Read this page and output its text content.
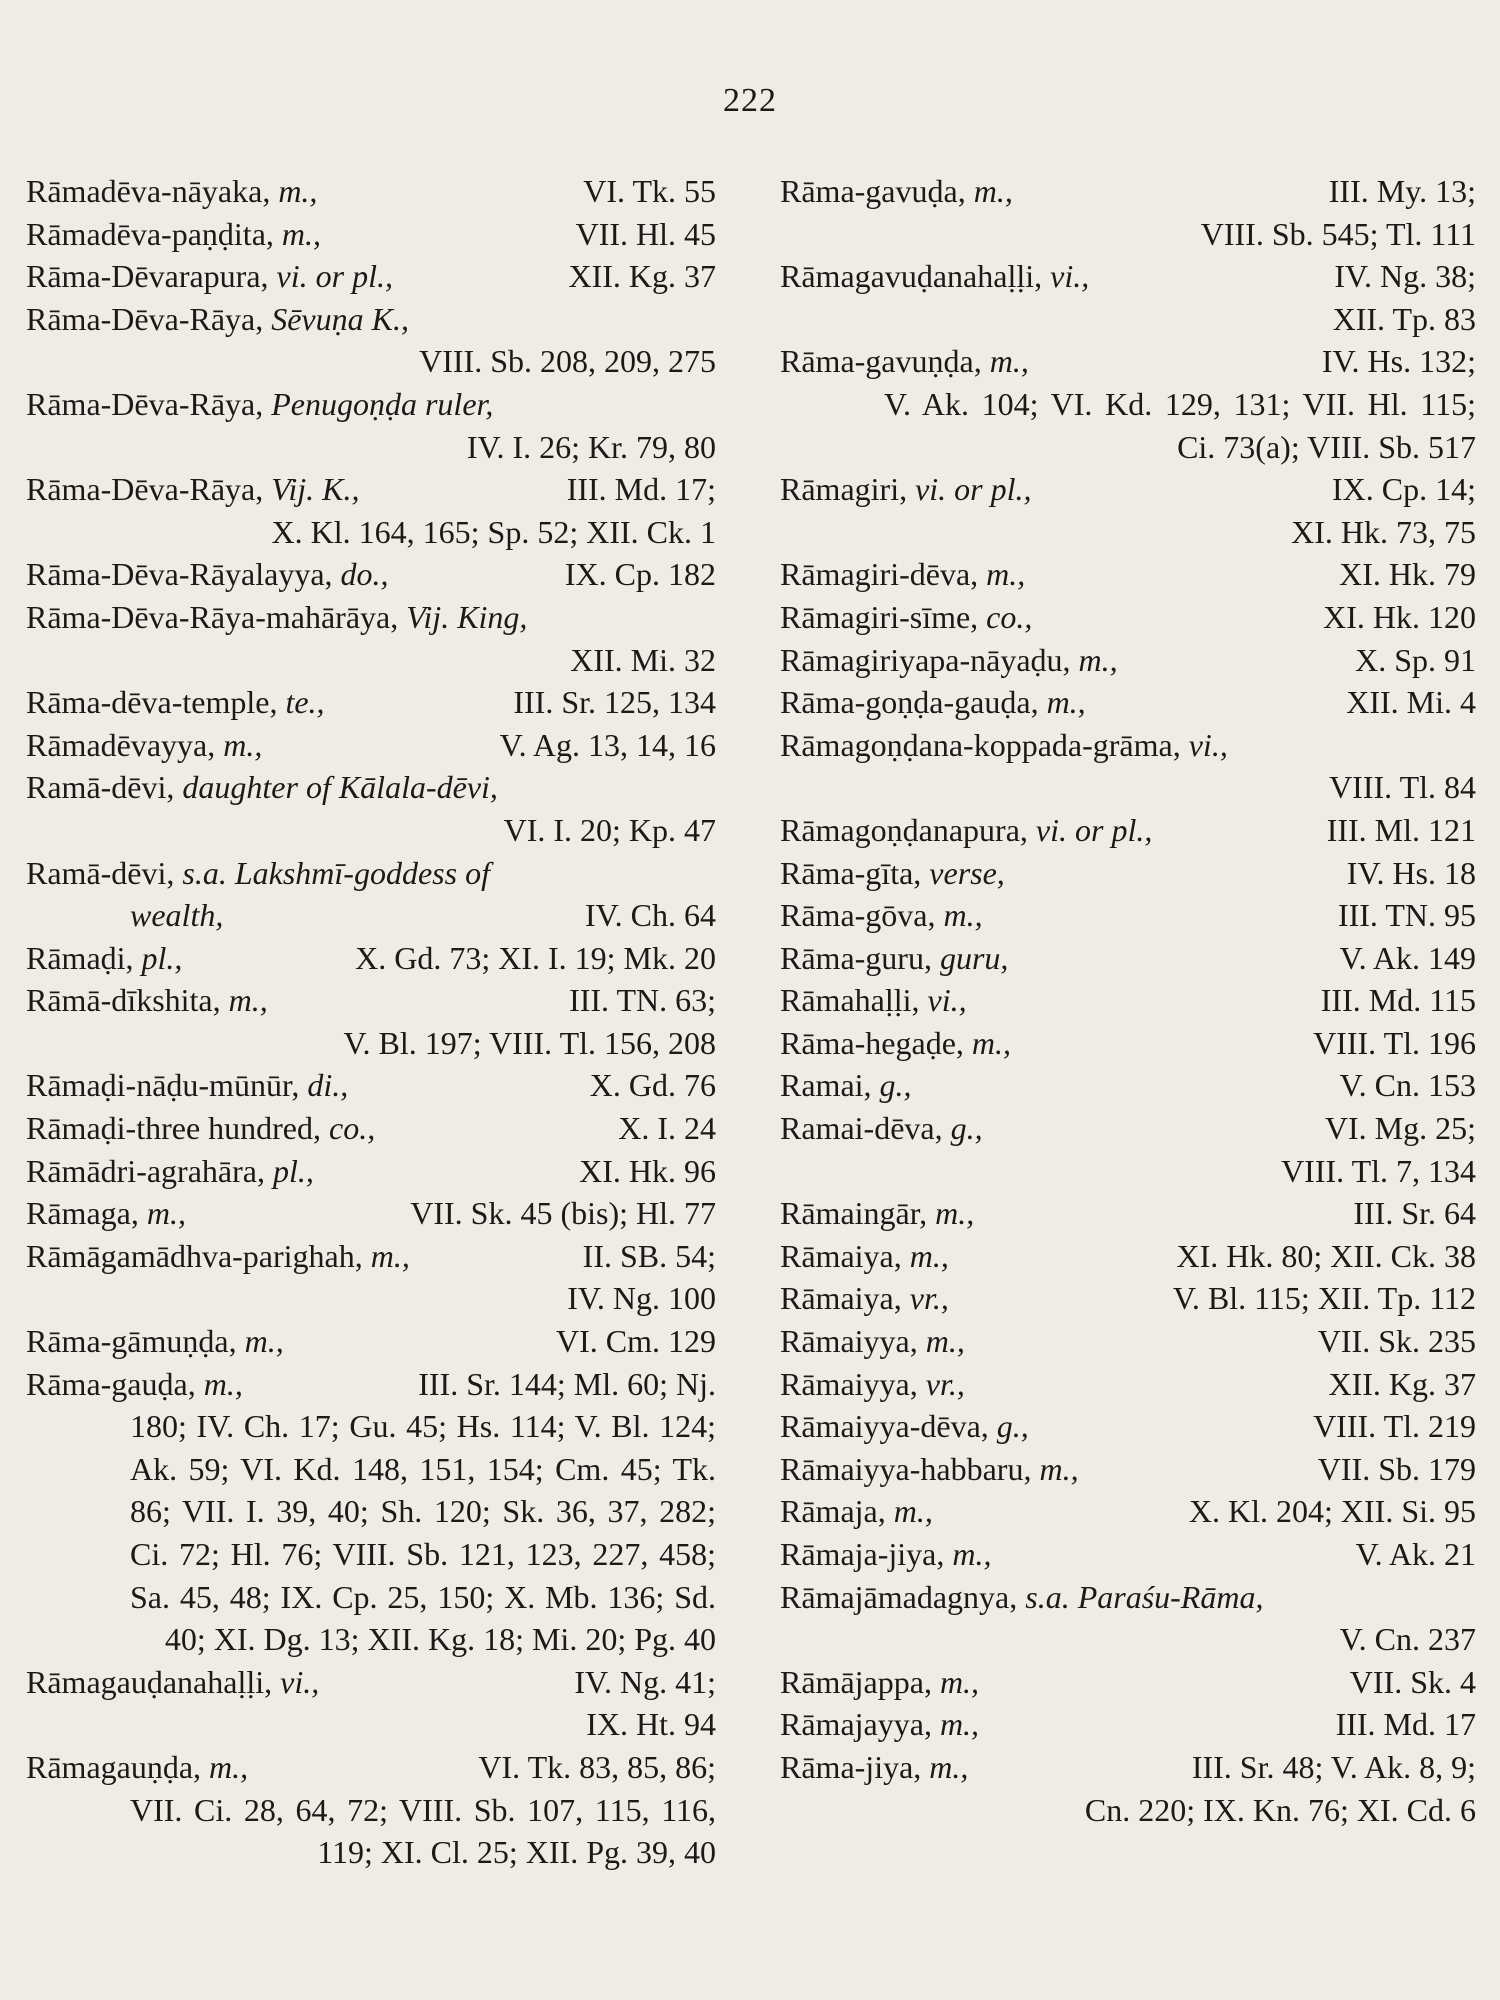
222
Rāmadēva-nāyaka, m.,	VI. Tk. 55
Rāmadēva-paṇḍita, m.,	VII. Hl. 45
Rāma-Dēvarapura, vi. or pl.,	XII. Kg. 37
Rāma-Dēva-Rāya, Sēvuṇa K.,
VIII. Sb. 208, 209, 275
Rāma-Dēva-Rāya, Penugoṇḍa ruler,
IV. I. 26; Kr. 79, 80
Rāma-Dēva-Rāya, Vij. K.,	III. Md. 17;
X. Kl. 164, 165; Sp. 52; XII. Ck. 1
Rāma-Dēva-Rāyalayya, do.,	IX. Cp. 182
Rāma-Dēva-Rāya-mahārāya, Vij. King,
XII. Mi. 32
Rāma-dēva-temple, te.,	III. Sr. 125, 134
Rāmadēvayya, m.,	V. Ag. 13, 14, 16
Ramā-dēvi, daughter of Kālala-dēvi,
VI. I. 20; Kp. 47
Ramā-dēvi, s.a. Lakshmī-goddess of
wealth,	IV. Ch. 64
Rāmaḍi, pl.,	X. Gd. 73; XI. I. 19; Mk. 20
Rāmā-dīkshita, m.,	III. TN. 63;
V. Bl. 197; VIII. Tl. 156, 208
Rāmaḍi-nāḍu-mūnūr, di.,	X. Gd. 76
Rāmaḍi-three hundred, co.,	X. I. 24
Rāmādri-agrahāra, pl.,	XI. Hk. 96
Rāmaga, m.,	VII. Sk. 45 (bis); Hl. 77
Rāmāgamādhva-parighah, m.,	II. SB. 54;
IV. Ng. 100
Rāma-gāmuṇḍa, m.,	VI. Cm. 129
Rāma-gauḍa, m.,	III. Sr. 144; Ml. 60; Nj.
180; IV. Ch. 17; Gu. 45; Hs. 114; V. Bl. 124; Ak. 59; VI. Kd. 148, 151, 154; Cm. 45; Tk. 86; VII. I. 39, 40; Sh. 120; Sk. 36, 37, 282; Ci. 72; Hl. 76; VIII. Sb. 121, 123, 227, 458; Sa. 45, 48; IX. Cp. 25, 150; X. Mb. 136; Sd. 40; XI. Dg. 13; XII. Kg. 18; Mi. 20; Pg. 40
Rāmagauḍanahaḷḷi, vi.,	IV. Ng. 41;
IX. Ht. 94
Rāmagauṇḍa, m.,	VI. Tk. 83, 85, 86;
VII. Ci. 28, 64, 72; VIII. Sb. 107, 115, 116, 119; XI. Cl. 25; XII. Pg. 39, 40
Rāma-gavuḍa, m.,	III. My. 13;
VIII. Sb. 545; Tl. 111
Rāmagavuḍanahaḷḷi, vi.,	IV. Ng. 38;
XII. Tp. 83
Rāma-gavuṇḍa, m.,	IV. Hs. 132;
V. Ak. 104; VI. Kd. 129, 131; VII. Hl. 115; Ci. 73(a); VIII. Sb. 517
Rāmagiri, vi. or pl.,	IX. Cp. 14;
XI. Hk. 73, 75
Rāmagiri-dēva, m.,	XI. Hk. 79
Rāmagiri-sīme, co.,	XI. Hk. 120
Rāmagiriyapa-nāyaḍu, m.,	X. Sp. 91
Rāma-goṇḍa-gauḍa, m.,	XII. Mi. 4
Rāmagoṇḍana-koppada-grāma, vi.,
VIII. Tl. 84
Rāmagoṇḍanapura, vi. or pl.,	III. Ml. 121
Rāma-gīta, verse,	IV. Hs. 18
Rāma-gōva, m.,	III. TN. 95
Rāma-guru, guru,	V. Ak. 149
Rāmahaḷḷi, vi.,	III. Md. 115
Rāma-hegaḍe, m.,	VIII. Tl. 196
Ramai, g.,	V. Cn. 153
Ramai-dēva, g.,	VI. Mg. 25;
VIII. Tl. 7, 134
Rāmaingār, m.,	III. Sr. 64
Rāmaiya, m.,	XI. Hk. 80; XII. Ck. 38
Rāmaiya, vr.,	V. Bl. 115; XII. Tp. 112
Rāmaiyya, m.,	VII. Sk. 235
Rāmaiyya, vr.,	XII. Kg. 37
Rāmaiyya-dēva, g.,	VIII. Tl. 219
Rāmaiyya-habbaru, m.,	VII. Sb. 179
Rāmaja, m.,	X. Kl. 204; XII. Si. 95
Rāmaja-jiya, m.,	V. Ak. 21
Rāmajāmadagnya, s.a. Paraśu-Rāma,
V. Cn. 237
Rāmājappa, m.,	VII. Sk. 4
Rāmajayya, m.,	III. Md. 17
Rāma-jiya, m.,	III. Sr. 48; V. Ak. 8, 9;
Cn. 220; IX. Kn. 76; XI. Cd. 6
